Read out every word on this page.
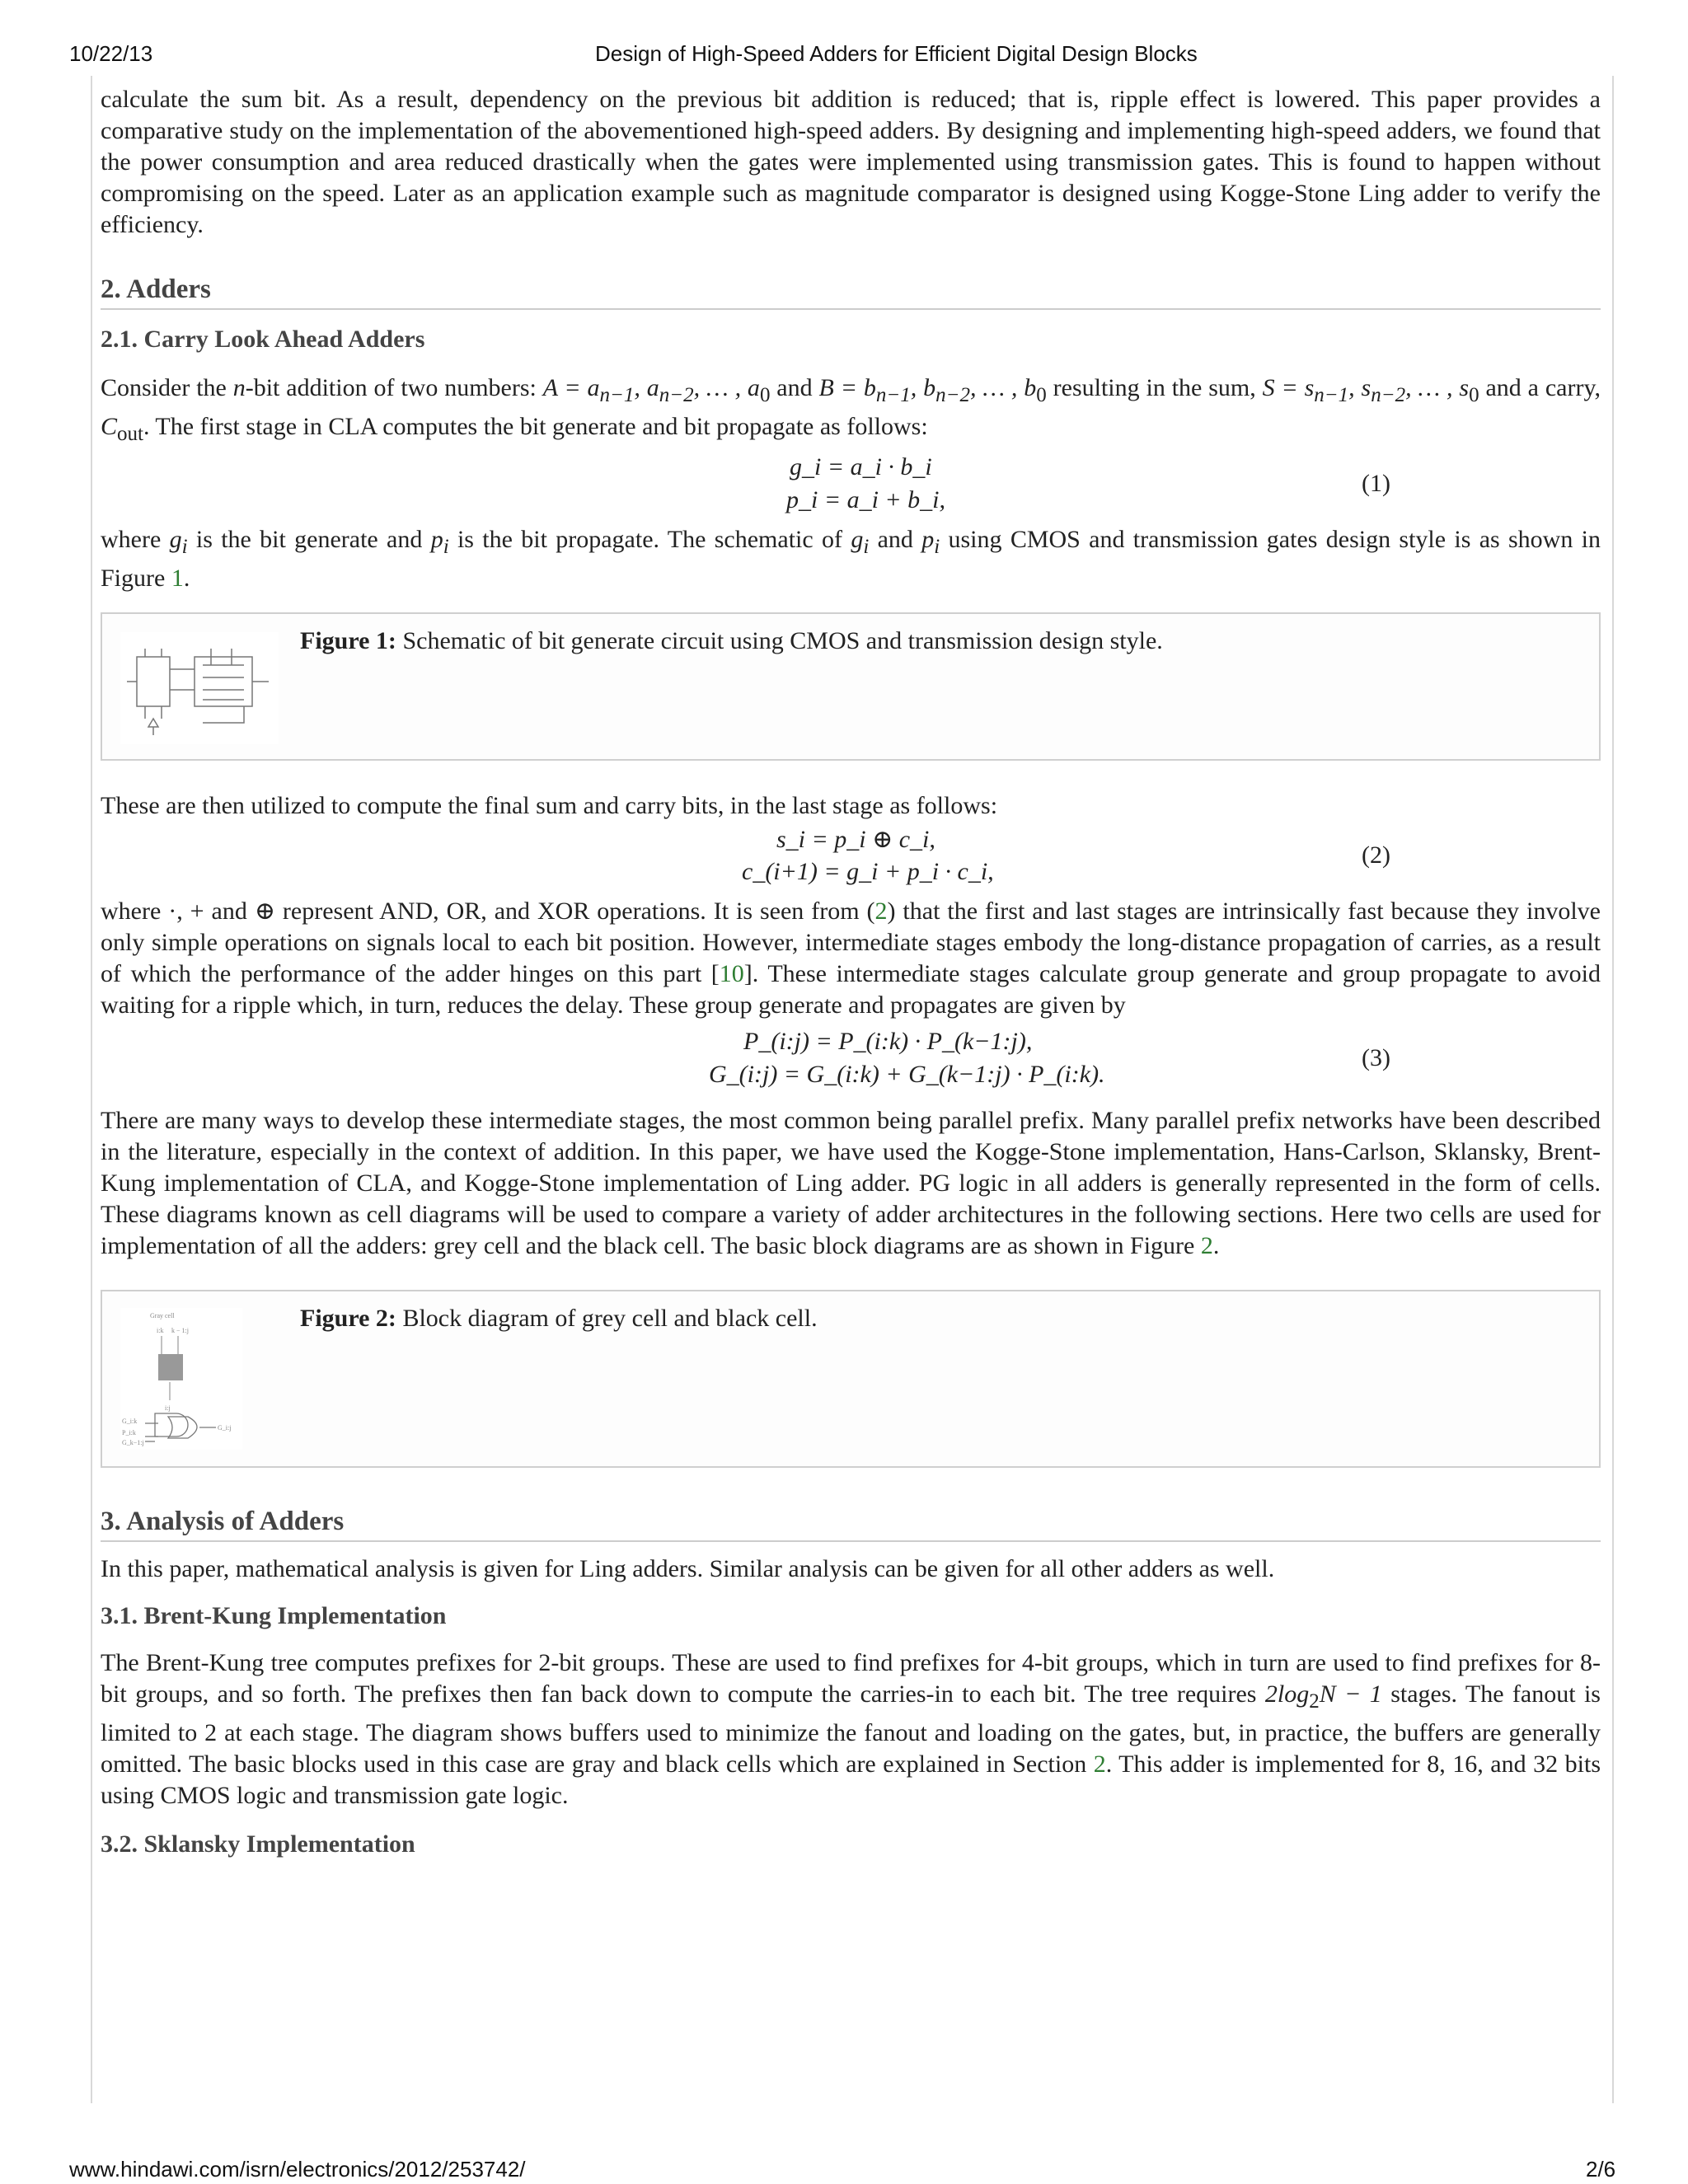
10/22/13	Design of High-Speed Adders for Efficient Digital Design Blocks

calculate the sum bit. As a result, dependency on the previous bit addition is reduced; that is, ripple effect is lowered. This paper provides a comparative study on the implementation of the abovementioned high-speed adders. By designing and implementing high-speed adders, we found that the power consumption and area reduced drastically when the gates were implemented using transmission gates. This is found to happen without compromising on the speed. Later as an application example such as magnitude comparator is designed using Kogge-Stone Ling adder to verify the efficiency.

2. Adders
2.1. Carry Look Ahead Adders

Consider the n-bit addition of two numbers: $A = a_{n-1}$, $a_{n-2}$, … , $a_0$ and $B = b_{n-1}$, $b_{n-2}$, … , $b_0$ resulting in the sum, $S = s_{n-1}$, $s_{n-2}$, … , $s_0$ and a carry, $C_{out}$. The first stage in CLA computes the bit generate and bit propagate as follows:

g_i = a_i · b_i
p_i = a_i + b_i,
(1)

where $g_i$ is the bit generate and $p_i$ is the bit propagate. The schematic of $g_i$ and $p_i$ using CMOS and transmission gates design style is as shown in Figure 1.

Figure 1: Schematic of bit generate circuit using CMOS and transmission design style.

These are then utilized to compute the final sum and carry bits, in the last stage as follows:

s_i = p_i ⊕ c_i,
c_(i+1) = g_i + p_i · c_i,
(2)

where ·, + and ⊕ represent AND, OR, and XOR operations. It is seen from (2) that the first and last stages are intrinsically fast because they involve only simple operations on signals local to each bit position. However, intermediate stages embody the long-distance propagation of carries, as a result of which the performance of the adder hinges on this part [10]. These intermediate stages calculate group generate and group propagate to avoid waiting for a ripple which, in turn, reduces the delay. These group generate and propagates are given by

P_(i:j) = P_(i:k) · P_(k−1:j),
G_(i:j) = G_(i:k) + G_(k−1:j) · P_(i:k).
(3)

There are many ways to develop these intermediate stages, the most common being parallel prefix. Many parallel prefix networks have been described in the literature, especially in the context of addition. In this paper, we have used the Kogge-Stone implementation, Hans-Carlson, Sklansky, Brent-Kung implementation of CLA, and Kogge-Stone implementation of Ling adder. PG logic in all adders is generally represented in the form of cells. These diagrams known as cell diagrams will be used to compare a variety of adder architectures in the following sections. Here two cells are used for implementation of all the adders: grey cell and the black cell. The basic block diagrams are as shown in Figure 2.

Gray cell
i:k k − 1:j
i:j
G_i:k
P_i:k
G_k−1:j
G_i:j
Figure 2: Block diagram of grey cell and black cell.
3. Analysis of Adders

In this paper, mathematical analysis is given for Ling adders. Similar analysis can be given for all other adders as well.

3.1. Brent-Kung Implementation

The Brent-Kung tree computes prefixes for 2-bit groups. These are used to find prefixes for 4-bit groups, which in turn are used to find prefixes for 8-bit groups, and so forth. The prefixes then fan back down to compute the carries-in to each bit. The tree requires $2\log_2N - 1$ stages. The fanout is limited to 2 at each stage. The diagram shows buffers used to minimize the fanout and loading on the gates, but, in practice, the buffers are generally omitted. The basic blocks used in this case are gray and black cells which are explained in Section 2. This adder is implemented for 8, 16, and 32 bits using CMOS logic and transmission gate logic.

3.2. Sklansky Implementation
www.hindawi.com/isrn/electronics/2012/253742/	2/6
